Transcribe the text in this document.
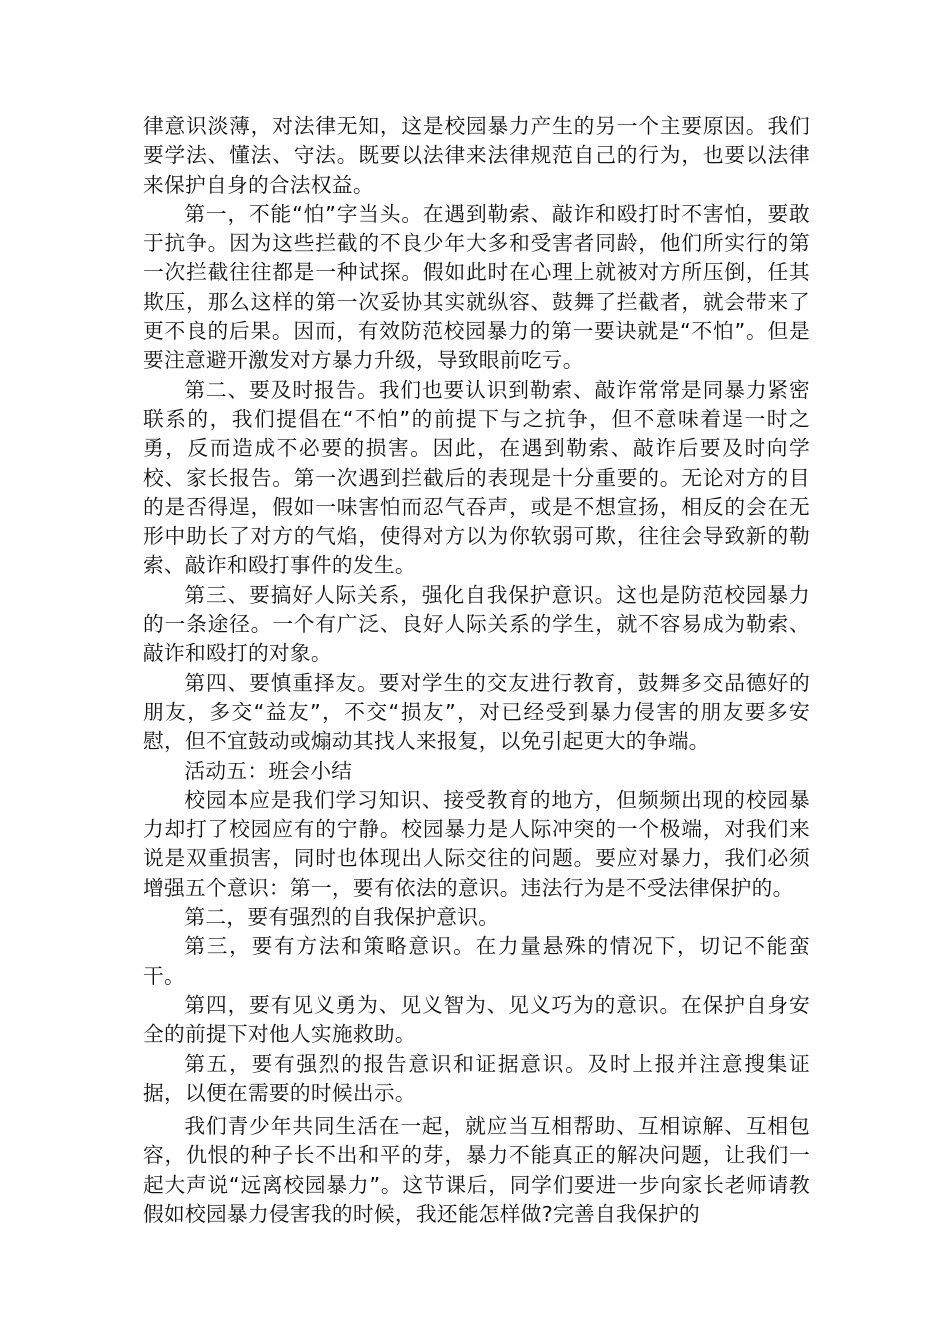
律意识淡薄，对法律无知，这是校园暴力产生的另一个主要原因。我们要学法、懂法、守法。既要以法律来法律规范自己的行为，也要以法律来保护自身的合法权益。

第一，不能“怕”字当头。在遇到勒索、敲诈和殴打时不害怕，要敢于抗争。因为这些拦截的不良少年大多和受害者同龄，他们所实行的第一次拦截往往都是一种试探。假如此时在心理上就被对方所压倒，任其欺压，那么这样的第一次妥协其实就纵容、鼓舞了拦截者，就会带来了更不良的后果。因而，有效防范校园暴力的第一要诀就是“不怕”。但是要注意避开激发对方暴力升级，导致眼前吃亏。

第二、要及时报告。我们也要认识到勒索、敲诈常常是同暴力紧密联系的，我们提倡在“不怕”的前提下与之抗争，但不意味着逞一时之勇，反而造成不必要的损害。因此，在遇到勒索、敲诈后要及时向学校、家长报告。第一次遇到拦截后的表现是十分重要的。无论对方的目的是否得逞，假如一味害怕而忍气吞声，或是不想宣扬，相反的会在无形中助长了对方的气焰，使得对方以为你软弱可欺，往往会导致新的勒索、敲诈和殴打事件的发生。

第三、要搞好人际关系，强化自我保护意识。这也是防范校园暴力的一条途径。一个有广泛、良好人际关系的学生，就不容易成为勒索、敲诈和殴打的对象。

第四、要慎重择友。要对学生的交友进行教育，鼓舞多交品德好的朋友，多交“益友”，不交“损友”，对已经受到暴力侵害的朋友要多安慰，但不宜鼓动或煽动其找人来报复，以免引起更大的争端。

活动五：班会小结

校园本应是我们学习知识、接受教育的地方，但频频出现的校园暴力却打了校园应有的宁静。校园暴力是人际冲突的一个极端，对我们来说是双重损害，同时也体现出人际交往的问题。要应对暴力，我们必须增强五个意识：第一，要有依法的意识。违法行为是不受法律保护的。

第二，要有强烈的自我保护意识。

第三，要有方法和策略意识。在力量悬殊的情况下，切记不能蛮干。

第四，要有见义勇为、见义智为、见义巧为的意识。在保护自身安全的前提下对他人实施救助。

第五，要有强烈的报告意识和证据意识。及时上报并注意搜集证据，以便在需要的时候出示。

我们青少年共同生活在一起，就应当互相帮助、互相谅解、互相包容，仇恨的种子长不出和平的芽，暴力不能真正的解决问题，让我们一起大声说“远离校园暴力”。这节课后，同学们要进一步向家长老师请教假如校园暴力侵害我的时候，我还能怎样做?完善自我保护的
